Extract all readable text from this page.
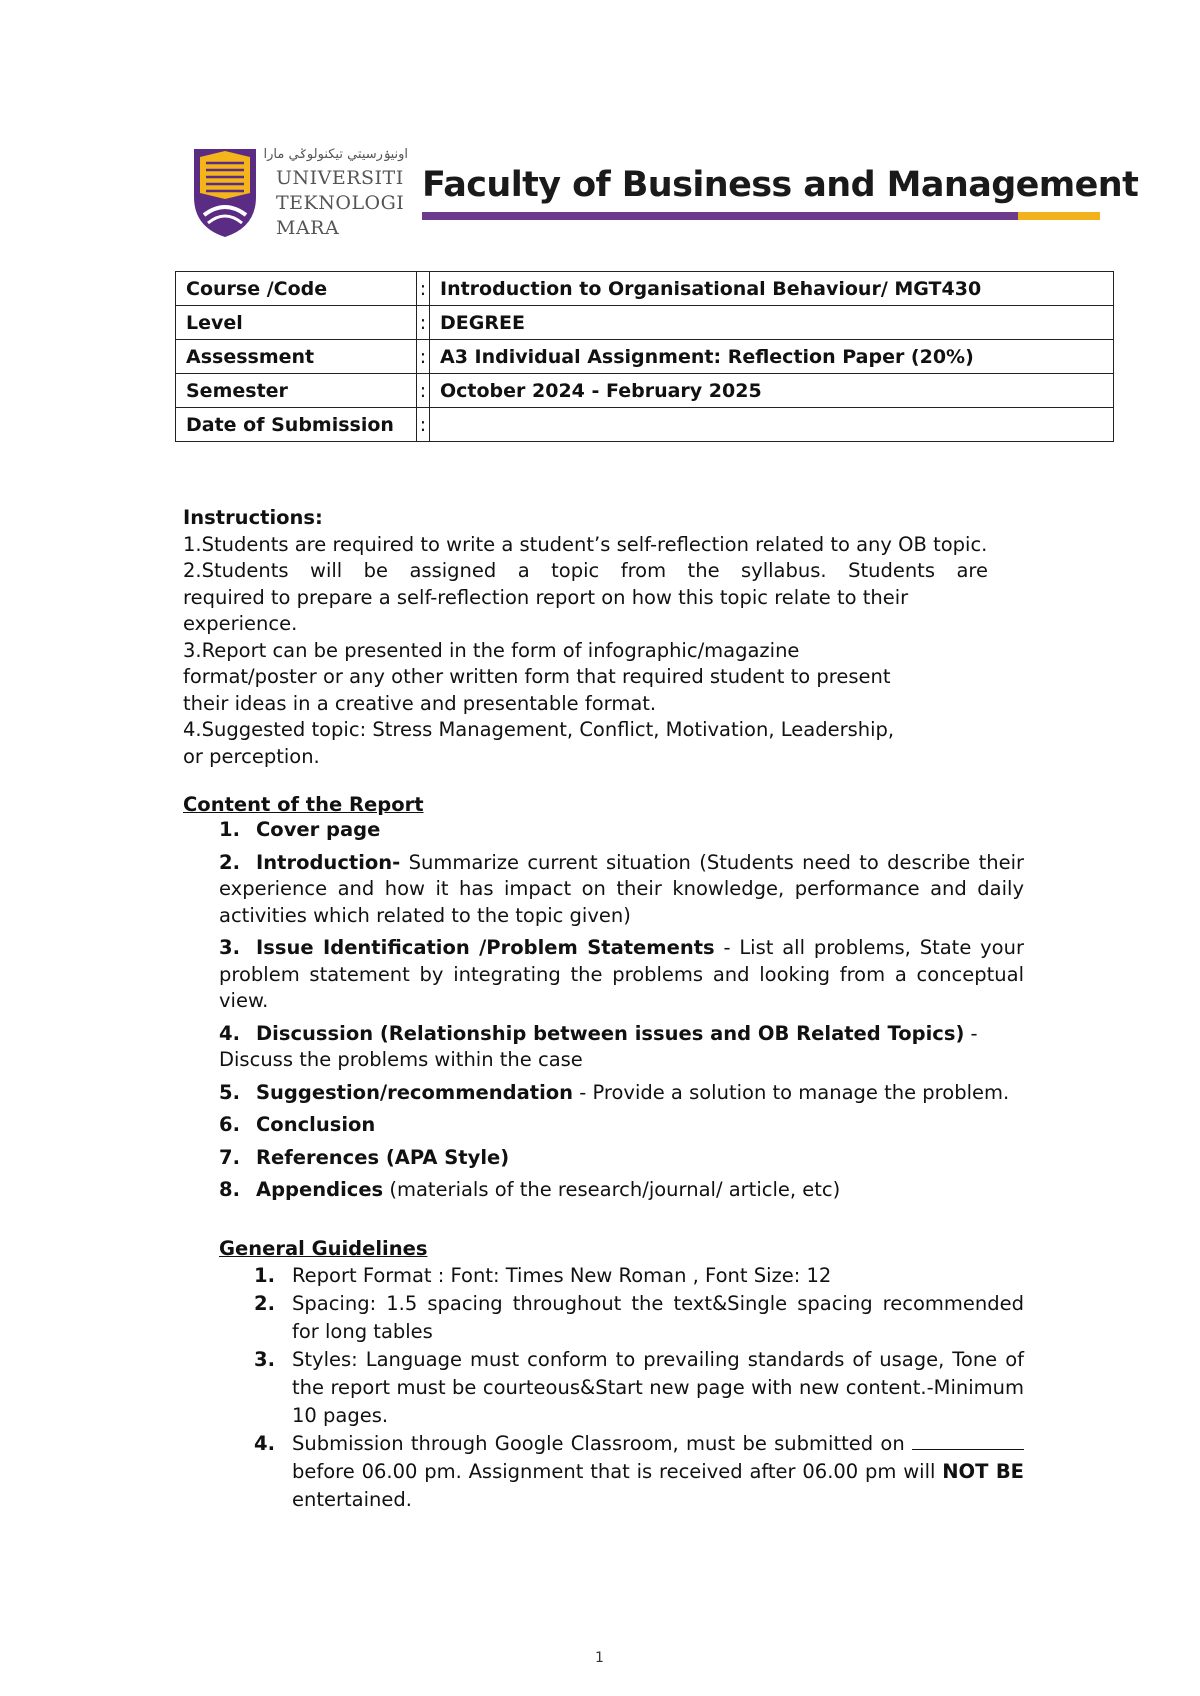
اونيۏرسيتي تيكنولوݢي مارا
UNIVERSITI
TEKNOLOGI
MARA
Faculty of Business and Management
Course /Code	:	Introduction to Organisational Behaviour/ MGT430
Level	:	DEGREE
Assessment	:	A3 Individual Assignment: Reflection Paper (20%)
Semester	:	October 2024 - February 2025
Date of Submission	:	

Instructions:

1.Students are required to write a student’s self-reflection related to any OB topic.

2.Students will be assigned a topic from the syllabus. Students are

required to prepare a self-reflection report on how this topic relate to their

experience.

3.Report can be presented in the form of infographic/magazine

format/poster or any other written form that required student to present

their ideas in a creative and presentable format.

4.Suggested topic: Stress Management, Conflict, Motivation, Leadership,

or perception.

Content of the Report

1. Cover page

2. Introduction- Summarize current situation (Students need to describe their experience and how it has impact on their knowledge, performance and daily activities which related to the topic given)

3. Issue Identification /Problem Statements - List all problems, State your problem statement by integrating the problems and looking from a conceptual view.

4. Discussion (Relationship between issues and OB Related Topics) - Discuss the problems within the case

5. Suggestion/recommendation - Provide a solution to manage the problem.

6. Conclusion

7. References (APA Style)

8. Appendices (materials of the research/journal/ article, etc)

General Guidelines
1. Report Format : Font: Times New Roman , Font Size: 12
2. Spacing: 1.5 spacing throughout the text&Single spacing recommended for long tables
3. Styles: Language must conform to prevailing standards of usage, Tone of the report must be courteous&Start new page with new content.-Minimum 10 pages.
4. Submission through Google Classroom, must be submitted on  before 06.00 pm. Assignment that is received after 06.00 pm will NOT BE entertained.
1
